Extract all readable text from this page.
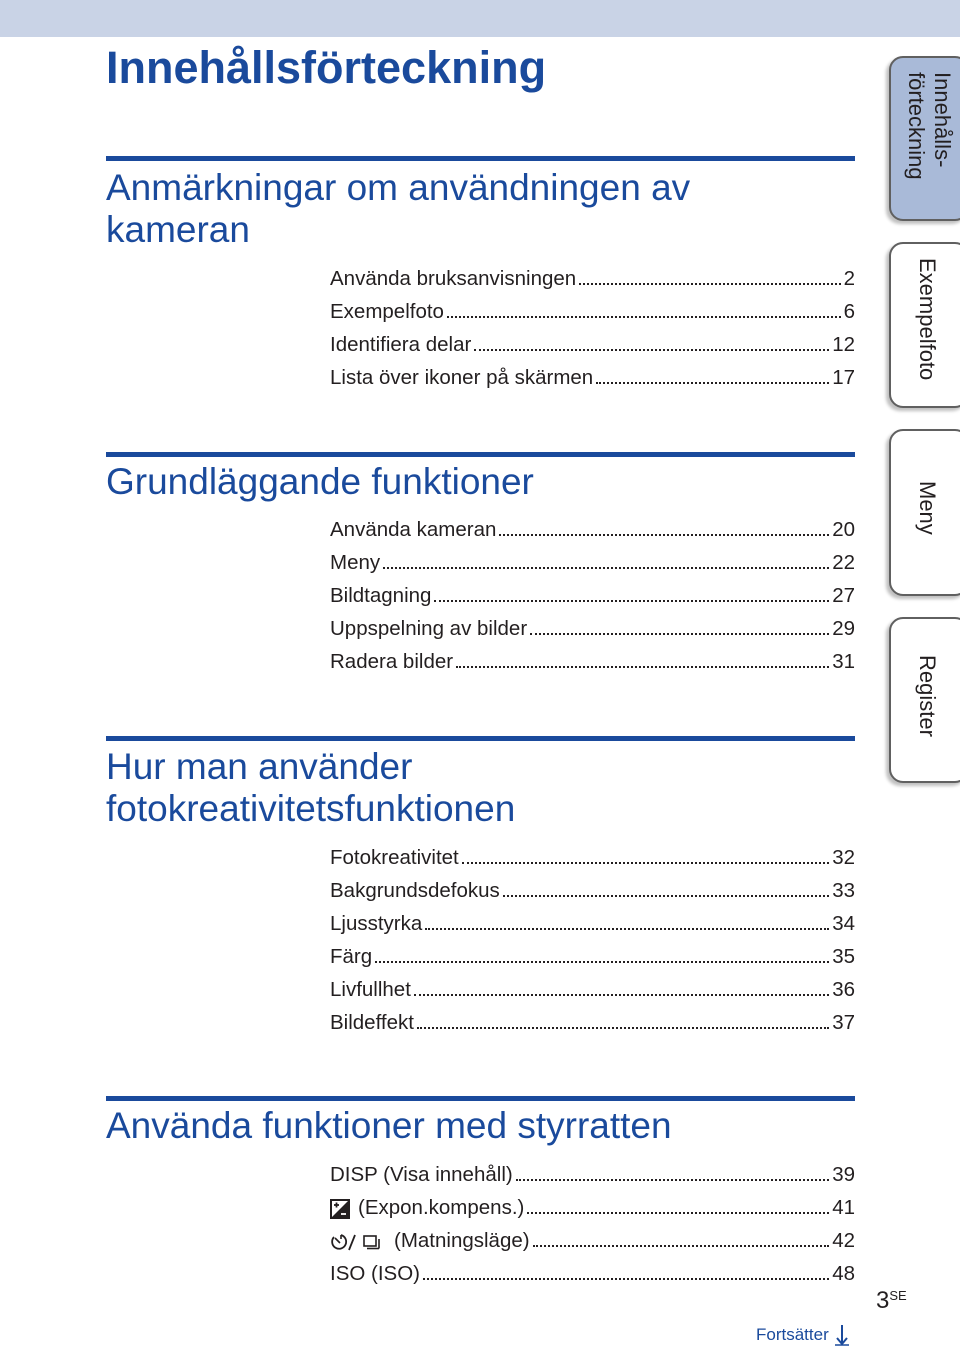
Innehållsförteckning
Anmärkningar om användningen av kameran
Använda bruksanvisningen	2
Exempelfoto	6
Identifiera delar	12
Lista över ikoner på skärmen	17
Grundläggande funktioner
Använda kameran	20
Meny	22
Bildtagning	27
Uppspelning av bilder	29
Radera bilder	31
Hur man använder fotokreativitetsfunktionen
Fotokreativitet	32
Bakgrundsdefokus	33
Ljusstyrka	34
Färg	35
Livfullhet	36
Bildeffekt	37
Använda funktioner med styrratten
DISP (Visa innehåll)	39
(Expon.kompens.)	41
(Matningsläge)	42
ISO (ISO)	48
Innehålls-
förteckning
Exempelfoto
Meny
Register
$3^{SE}$
Fortsätter
